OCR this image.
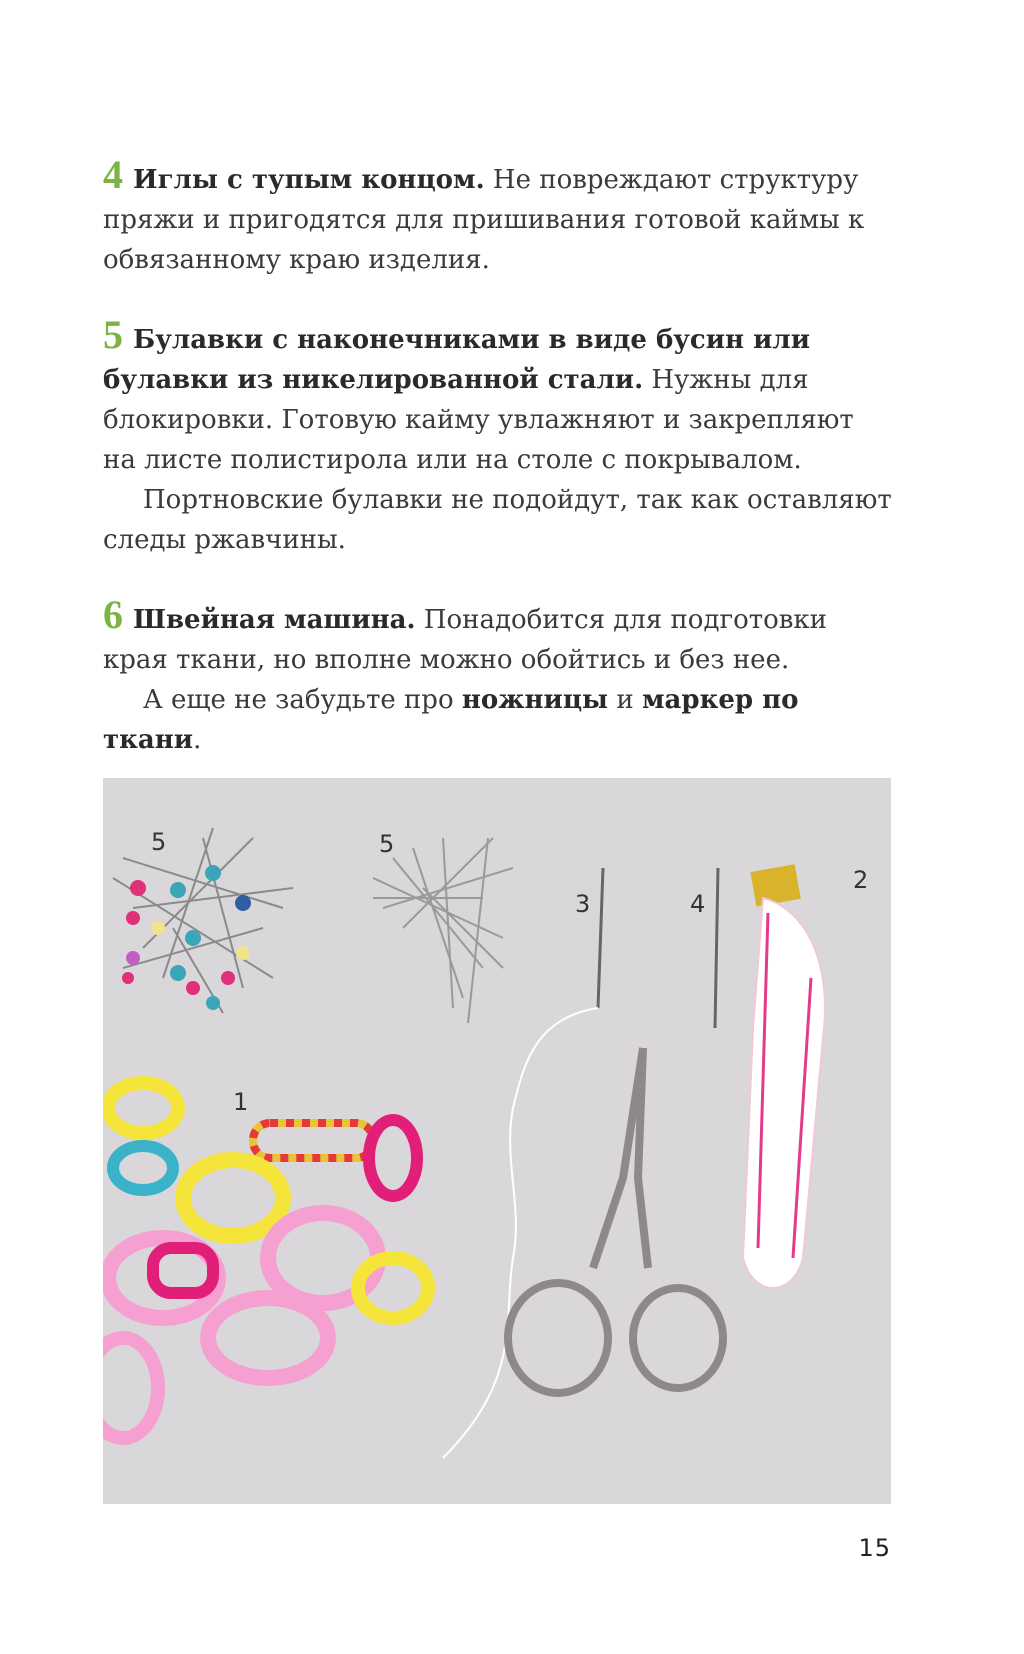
4 Иглы с тупым концом. Не повреждают структуру пряжи и пригодятся для пришивания готовой каймы к обвязанному краю изделия.

5 Булавки с наконечниками в виде бусин или булавки из никелированной стали. Нужны для блокировки. Готовую кайму увлажняют и закрепляют на листе полистирола или на столе с покрывалом.

Портновские булавки не подойдут, так как оставляют следы ржавчины.

6 Швейная машина. Понадобится для подготовки края ткани, но вполне можно обойтись и без нее.

А еще не забудьте про ножницы и маркер по ткани.

5	5
3	4
2
1
15
